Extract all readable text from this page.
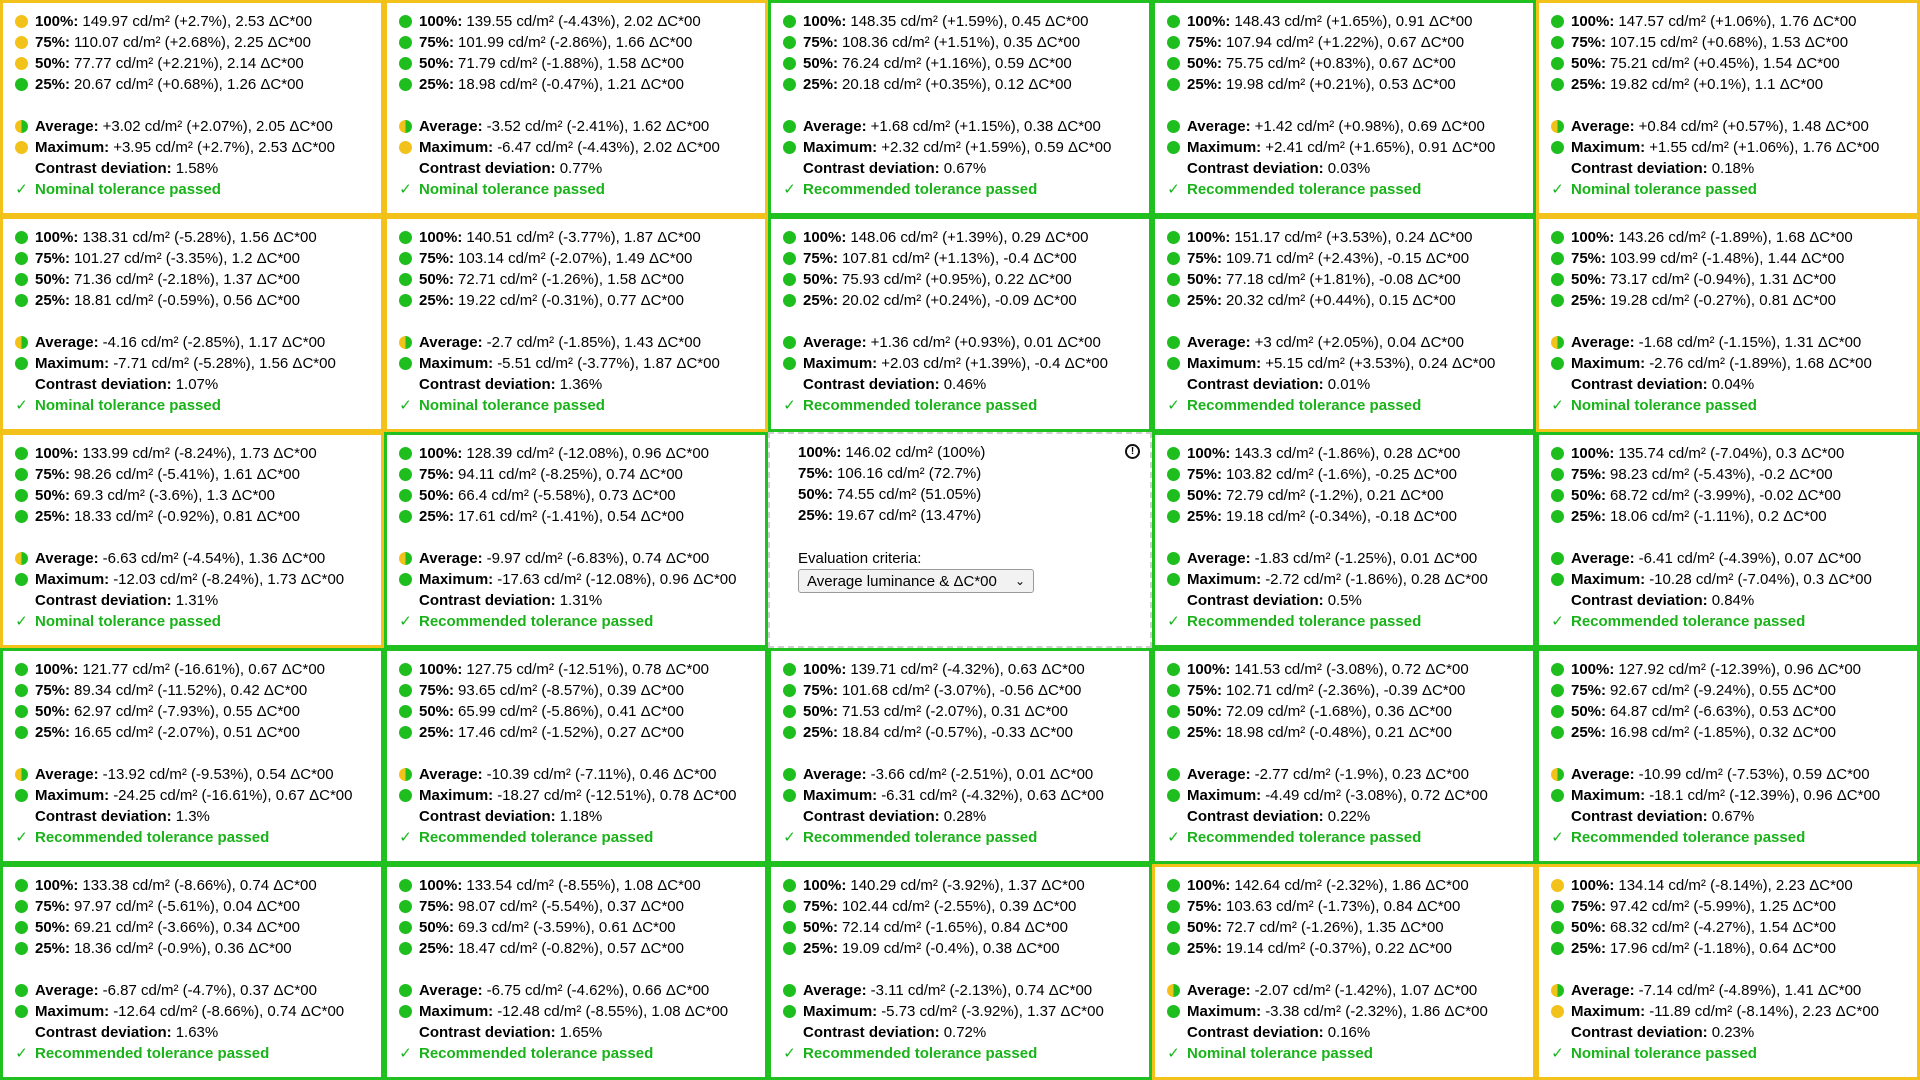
100%: 149.97 cd/m² (+2.7%), 2.53 ΔC*00
75%: 110.07 cd/m² (+2.68%), 2.25 ΔC*00
50%: 77.77 cd/m² (+2.21%), 2.14 ΔC*00
25%: 20.67 cd/m² (+0.68%), 1.26 ΔC*00
Average: +3.02 cd/m² (+2.07%), 2.05 ΔC*00
Maximum: +3.95 cd/m² (+2.7%), 2.53 ΔC*00
Contrast deviation: 1.58%
✓ Nominal tolerance passed
100%: 139.55 cd/m² (-4.43%), 2.02 ΔC*00
75%: 101.99 cd/m² (-2.86%), 1.66 ΔC*00
50%: 71.79 cd/m² (-1.88%), 1.58 ΔC*00
25%: 18.98 cd/m² (-0.47%), 1.21 ΔC*00
Average: -3.52 cd/m² (-2.41%), 1.62 ΔC*00
Maximum: -6.47 cd/m² (-4.43%), 2.02 ΔC*00
Contrast deviation: 0.77%
✓ Nominal tolerance passed
100%: 148.35 cd/m² (+1.59%), 0.45 ΔC*00
75%: 108.36 cd/m² (+1.51%), 0.35 ΔC*00
50%: 76.24 cd/m² (+1.16%), 0.59 ΔC*00
25%: 20.18 cd/m² (+0.35%), 0.12 ΔC*00
Average: +1.68 cd/m² (+1.15%), 0.38 ΔC*00
Maximum: +2.32 cd/m² (+1.59%), 0.59 ΔC*00
Contrast deviation: 0.67%
✓ Recommended tolerance passed
100%: 148.43 cd/m² (+1.65%), 0.91 ΔC*00
75%: 107.94 cd/m² (+1.22%), 0.67 ΔC*00
50%: 75.75 cd/m² (+0.83%), 0.67 ΔC*00
25%: 19.98 cd/m² (+0.21%), 0.53 ΔC*00
Average: +1.42 cd/m² (+0.98%), 0.69 ΔC*00
Maximum: +2.41 cd/m² (+1.65%), 0.91 ΔC*00
Contrast deviation: 0.03%
✓ Recommended tolerance passed
100%: 147.57 cd/m² (+1.06%), 1.76 ΔC*00
75%: 107.15 cd/m² (+0.68%), 1.53 ΔC*00
50%: 75.21 cd/m² (+0.45%), 1.54 ΔC*00
25%: 19.82 cd/m² (+0.1%), 1.1 ΔC*00
Average: +0.84 cd/m² (+0.57%), 1.48 ΔC*00
Maximum: +1.55 cd/m² (+1.06%), 1.76 ΔC*00
Contrast deviation: 0.18%
✓ Nominal tolerance passed
100%: 138.31 cd/m² (-5.28%), 1.56 ΔC*00
75%: 101.27 cd/m² (-3.35%), 1.2 ΔC*00
50%: 71.36 cd/m² (-2.18%), 1.37 ΔC*00
25%: 18.81 cd/m² (-0.59%), 0.56 ΔC*00
Average: -4.16 cd/m² (-2.85%), 1.17 ΔC*00
Maximum: -7.71 cd/m² (-5.28%), 1.56 ΔC*00
Contrast deviation: 1.07%
✓ Nominal tolerance passed
100%: 140.51 cd/m² (-3.77%), 1.87 ΔC*00
75%: 103.14 cd/m² (-2.07%), 1.49 ΔC*00
50%: 72.71 cd/m² (-1.26%), 1.58 ΔC*00
25%: 19.22 cd/m² (-0.31%), 0.77 ΔC*00
Average: -2.7 cd/m² (-1.85%), 1.43 ΔC*00
Maximum: -5.51 cd/m² (-3.77%), 1.87 ΔC*00
Contrast deviation: 1.36%
✓ Nominal tolerance passed
100%: 148.06 cd/m² (+1.39%), 0.29 ΔC*00
75%: 107.81 cd/m² (+1.13%), -0.4 ΔC*00
50%: 75.93 cd/m² (+0.95%), 0.22 ΔC*00
25%: 20.02 cd/m² (+0.24%), -0.09 ΔC*00
Average: +1.36 cd/m² (+0.93%), 0.01 ΔC*00
Maximum: +2.03 cd/m² (+1.39%), -0.4 ΔC*00
Contrast deviation: 0.46%
✓ Recommended tolerance passed
100%: 151.17 cd/m² (+3.53%), 0.24 ΔC*00
75%: 109.71 cd/m² (+2.43%), -0.15 ΔC*00
50%: 77.18 cd/m² (+1.81%), -0.08 ΔC*00
25%: 20.32 cd/m² (+0.44%), 0.15 ΔC*00
Average: +3 cd/m² (+2.05%), 0.04 ΔC*00
Maximum: +5.15 cd/m² (+3.53%), 0.24 ΔC*00
Contrast deviation: 0.01%
✓ Recommended tolerance passed
100%: 143.26 cd/m² (-1.89%), 1.68 ΔC*00
75%: 103.99 cd/m² (-1.48%), 1.44 ΔC*00
50%: 73.17 cd/m² (-0.94%), 1.31 ΔC*00
25%: 19.28 cd/m² (-0.27%), 0.81 ΔC*00
Average: -1.68 cd/m² (-1.15%), 1.31 ΔC*00
Maximum: -2.76 cd/m² (-1.89%), 1.68 ΔC*00
Contrast deviation: 0.04%
✓ Nominal tolerance passed
100%: 133.99 cd/m² (-8.24%), 1.73 ΔC*00
75%: 98.26 cd/m² (-5.41%), 1.61 ΔC*00
50%: 69.3 cd/m² (-3.6%), 1.3 ΔC*00
25%: 18.33 cd/m² (-0.92%), 0.81 ΔC*00
Average: -6.63 cd/m² (-4.54%), 1.36 ΔC*00
Maximum: -12.03 cd/m² (-8.24%), 1.73 ΔC*00
Contrast deviation: 1.31%
✓ Nominal tolerance passed
100%: 128.39 cd/m² (-12.08%), 0.96 ΔC*00
75%: 94.11 cd/m² (-8.25%), 0.74 ΔC*00
50%: 66.4 cd/m² (-5.58%), 0.73 ΔC*00
25%: 17.61 cd/m² (-1.41%), 0.54 ΔC*00
Average: -9.97 cd/m² (-6.83%), 0.74 ΔC*00
Maximum: -17.63 cd/m² (-12.08%), 0.96 ΔC*00
Contrast deviation: 1.31%
✓ Recommended tolerance passed
100%: 146.02 cd/m² (100%)
75%: 106.16 cd/m² (72.7%)
50%: 74.55 cd/m² (51.05%)
25%: 19.67 cd/m² (13.47%)
!
Evaluation criteria:
Average luminance & ΔC*00 ⌄
100%: 143.3 cd/m² (-1.86%), 0.28 ΔC*00
75%: 103.82 cd/m² (-1.6%), -0.25 ΔC*00
50%: 72.79 cd/m² (-1.2%), 0.21 ΔC*00
25%: 19.18 cd/m² (-0.34%), -0.18 ΔC*00
Average: -1.83 cd/m² (-1.25%), 0.01 ΔC*00
Maximum: -2.72 cd/m² (-1.86%), 0.28 ΔC*00
Contrast deviation: 0.5%
✓ Recommended tolerance passed
100%: 135.74 cd/m² (-7.04%), 0.3 ΔC*00
75%: 98.23 cd/m² (-5.43%), -0.2 ΔC*00
50%: 68.72 cd/m² (-3.99%), -0.02 ΔC*00
25%: 18.06 cd/m² (-1.11%), 0.2 ΔC*00
Average: -6.41 cd/m² (-4.39%), 0.07 ΔC*00
Maximum: -10.28 cd/m² (-7.04%), 0.3 ΔC*00
Contrast deviation: 0.84%
✓ Recommended tolerance passed
100%: 121.77 cd/m² (-16.61%), 0.67 ΔC*00
75%: 89.34 cd/m² (-11.52%), 0.42 ΔC*00
50%: 62.97 cd/m² (-7.93%), 0.55 ΔC*00
25%: 16.65 cd/m² (-2.07%), 0.51 ΔC*00
Average: -13.92 cd/m² (-9.53%), 0.54 ΔC*00
Maximum: -24.25 cd/m² (-16.61%), 0.67 ΔC*00
Contrast deviation: 1.3%
✓ Recommended tolerance passed
100%: 127.75 cd/m² (-12.51%), 0.78 ΔC*00
75%: 93.65 cd/m² (-8.57%), 0.39 ΔC*00
50%: 65.99 cd/m² (-5.86%), 0.41 ΔC*00
25%: 17.46 cd/m² (-1.52%), 0.27 ΔC*00
Average: -10.39 cd/m² (-7.11%), 0.46 ΔC*00
Maximum: -18.27 cd/m² (-12.51%), 0.78 ΔC*00
Contrast deviation: 1.18%
✓ Recommended tolerance passed
100%: 139.71 cd/m² (-4.32%), 0.63 ΔC*00
75%: 101.68 cd/m² (-3.07%), -0.56 ΔC*00
50%: 71.53 cd/m² (-2.07%), 0.31 ΔC*00
25%: 18.84 cd/m² (-0.57%), -0.33 ΔC*00
Average: -3.66 cd/m² (-2.51%), 0.01 ΔC*00
Maximum: -6.31 cd/m² (-4.32%), 0.63 ΔC*00
Contrast deviation: 0.28%
✓ Recommended tolerance passed
100%: 141.53 cd/m² (-3.08%), 0.72 ΔC*00
75%: 102.71 cd/m² (-2.36%), -0.39 ΔC*00
50%: 72.09 cd/m² (-1.68%), 0.36 ΔC*00
25%: 18.98 cd/m² (-0.48%), 0.21 ΔC*00
Average: -2.77 cd/m² (-1.9%), 0.23 ΔC*00
Maximum: -4.49 cd/m² (-3.08%), 0.72 ΔC*00
Contrast deviation: 0.22%
✓ Recommended tolerance passed
100%: 127.92 cd/m² (-12.39%), 0.96 ΔC*00
75%: 92.67 cd/m² (-9.24%), 0.55 ΔC*00
50%: 64.87 cd/m² (-6.63%), 0.53 ΔC*00
25%: 16.98 cd/m² (-1.85%), 0.32 ΔC*00
Average: -10.99 cd/m² (-7.53%), 0.59 ΔC*00
Maximum: -18.1 cd/m² (-12.39%), 0.96 ΔC*00
Contrast deviation: 0.67%
✓ Recommended tolerance passed
100%: 133.38 cd/m² (-8.66%), 0.74 ΔC*00
75%: 97.97 cd/m² (-5.61%), 0.04 ΔC*00
50%: 69.21 cd/m² (-3.66%), 0.34 ΔC*00
25%: 18.36 cd/m² (-0.9%), 0.36 ΔC*00
Average: -6.87 cd/m² (-4.7%), 0.37 ΔC*00
Maximum: -12.64 cd/m² (-8.66%), 0.74 ΔC*00
Contrast deviation: 1.63%
✓ Recommended tolerance passed
100%: 133.54 cd/m² (-8.55%), 1.08 ΔC*00
75%: 98.07 cd/m² (-5.54%), 0.37 ΔC*00
50%: 69.3 cd/m² (-3.59%), 0.61 ΔC*00
25%: 18.47 cd/m² (-0.82%), 0.57 ΔC*00
Average: -6.75 cd/m² (-4.62%), 0.66 ΔC*00
Maximum: -12.48 cd/m² (-8.55%), 1.08 ΔC*00
Contrast deviation: 1.65%
✓ Recommended tolerance passed
100%: 140.29 cd/m² (-3.92%), 1.37 ΔC*00
75%: 102.44 cd/m² (-2.55%), 0.39 ΔC*00
50%: 72.14 cd/m² (-1.65%), 0.84 ΔC*00
25%: 19.09 cd/m² (-0.4%), 0.38 ΔC*00
Average: -3.11 cd/m² (-2.13%), 0.74 ΔC*00
Maximum: -5.73 cd/m² (-3.92%), 1.37 ΔC*00
Contrast deviation: 0.72%
✓ Recommended tolerance passed
100%: 142.64 cd/m² (-2.32%), 1.86 ΔC*00
75%: 103.63 cd/m² (-1.73%), 0.84 ΔC*00
50%: 72.7 cd/m² (-1.26%), 1.35 ΔC*00
25%: 19.14 cd/m² (-0.37%), 0.22 ΔC*00
Average: -2.07 cd/m² (-1.42%), 1.07 ΔC*00
Maximum: -3.38 cd/m² (-2.32%), 1.86 ΔC*00
Contrast deviation: 0.16%
✓ Nominal tolerance passed
100%: 134.14 cd/m² (-8.14%), 2.23 ΔC*00
75%: 97.42 cd/m² (-5.99%), 1.25 ΔC*00
50%: 68.32 cd/m² (-4.27%), 1.54 ΔC*00
25%: 17.96 cd/m² (-1.18%), 0.64 ΔC*00
Average: -7.14 cd/m² (-4.89%), 1.41 ΔC*00
Maximum: -11.89 cd/m² (-8.14%), 2.23 ΔC*00
Contrast deviation: 0.23%
✓ Nominal tolerance passed
